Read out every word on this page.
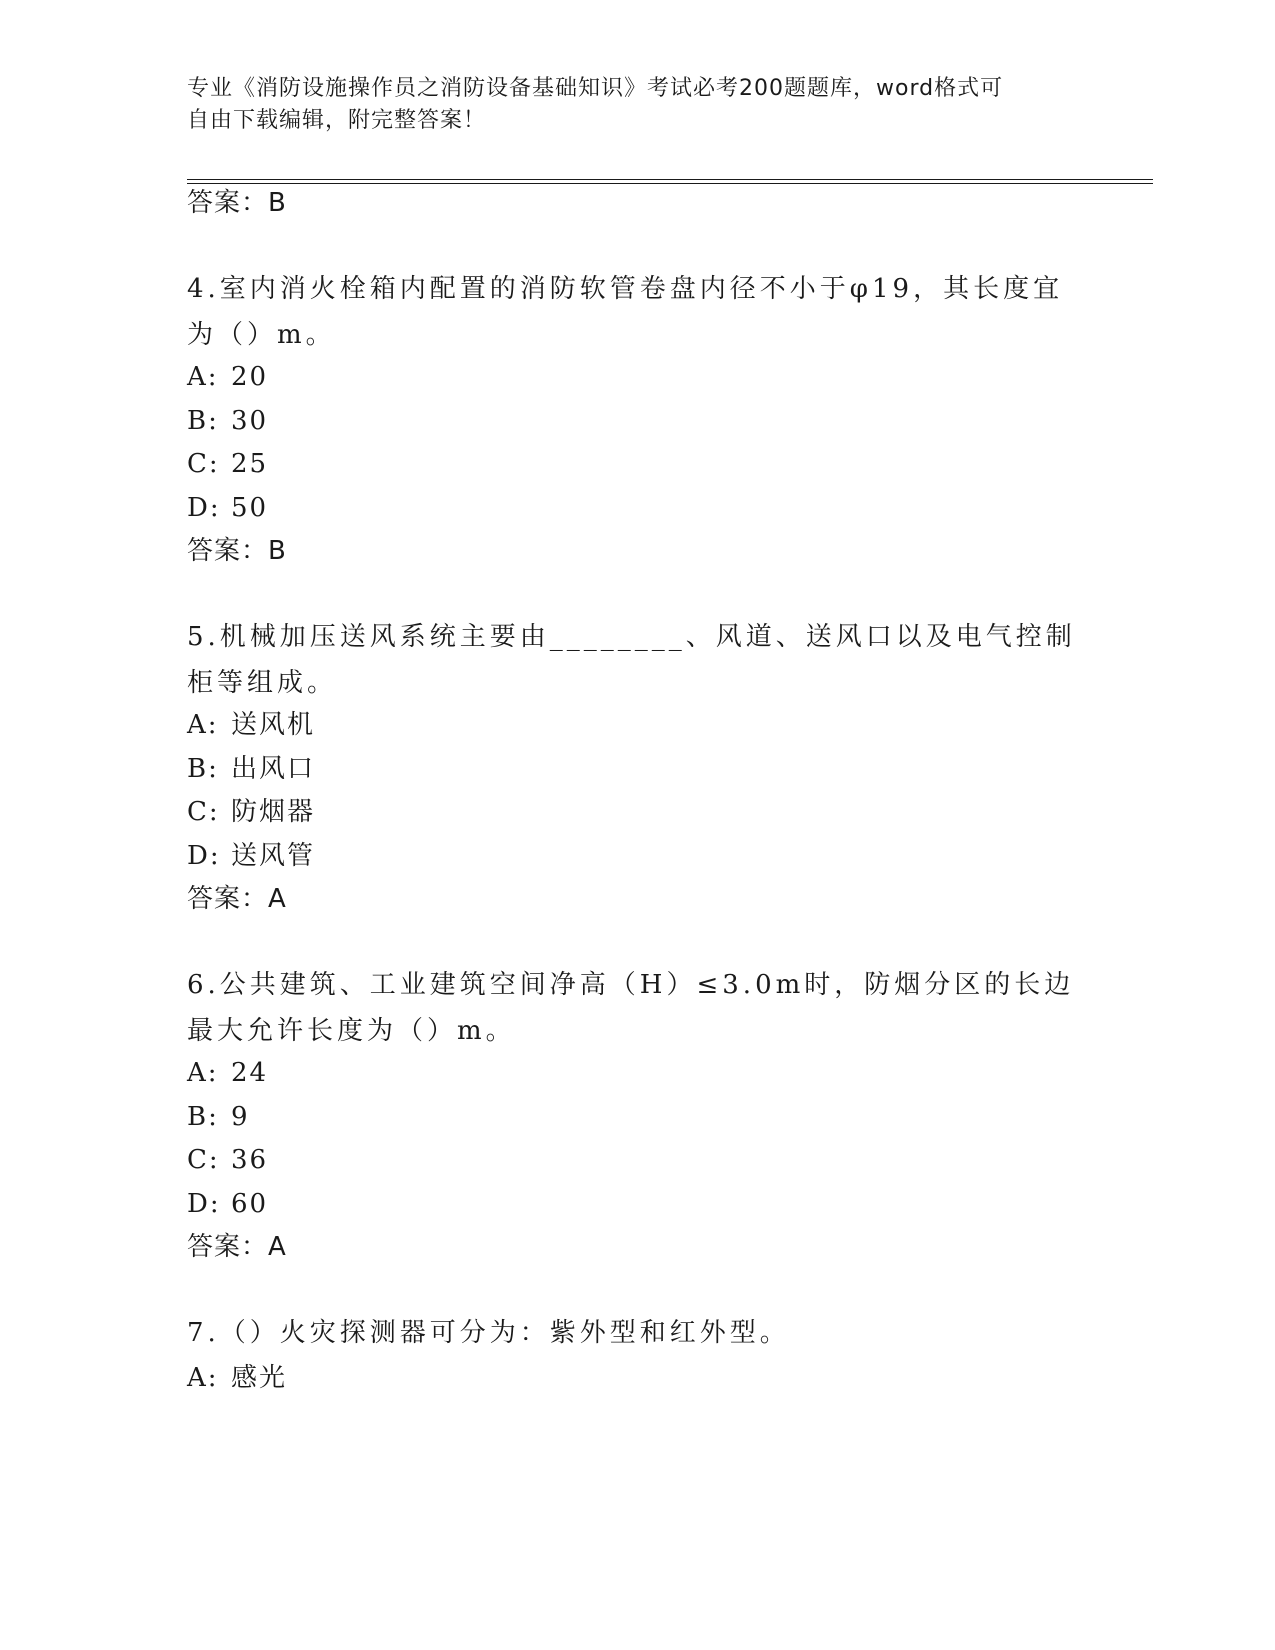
专业《消防设施操作员之消防设备基础知识》考试必考200题题库，word格式可
自由下载编辑，附完整答案！
答案：B
4.室内消火栓箱内配置的消防软管卷盘内径不小于φ19，其长度宜为（）m。
A: 20
B: 30
C: 25
D: 50
答案：B
5.机械加压送风系统主要由________、风道、送风口以及电气控制柜等组成。
A: 送风机
B: 出风口
C: 防烟器
D: 送风管
答案：A
6.公共建筑、工业建筑空间净高（H）≤3.0m时，防烟分区的长边最大允许长度为（）m。
A: 24
B: 9
C: 36
D: 60
答案：A
7.（）火灾探测器可分为：紫外型和红外型。
A: 感光
